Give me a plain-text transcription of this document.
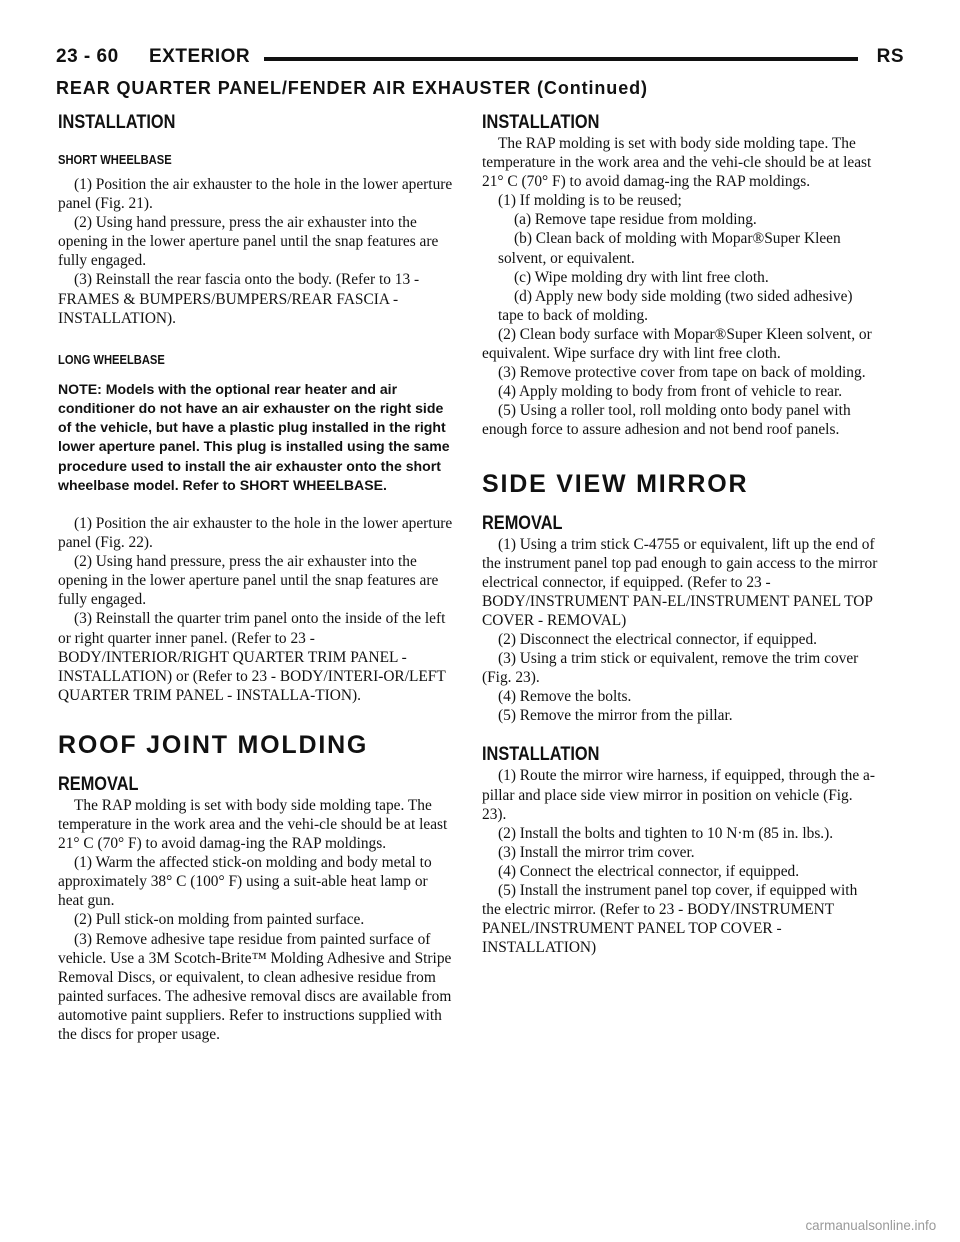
23 - 60 EXTERIOR	RS
REAR QUARTER PANEL/FENDER AIR EXHAUSTER (Continued)
INSTALLATION
SHORT WHEELBASE

(1) Position the air exhauster to the hole in the lower aperture panel (Fig. 21).

(2) Using hand pressure, press the air exhauster into the opening in the lower aperture panel until the snap features are fully engaged.

(3) Reinstall the rear fascia onto the body. (Refer to 13 - FRAMES & BUMPERS/BUMPERS/REAR FASCIA - INSTALLATION).

LONG WHEELBASE

NOTE: Models with the optional rear heater and air conditioner do not have an air exhauster on the right side of the vehicle, but have a plastic plug installed in the right lower aperture panel. This plug is installed using the same procedure used to install the air exhauster onto the short wheelbase model. Refer to SHORT WHEELBASE.

(1) Position the air exhauster to the hole in the lower aperture panel (Fig. 22).

(2) Using hand pressure, press the air exhauster into the opening in the lower aperture panel until the snap features are fully engaged.

(3) Reinstall the quarter trim panel onto the inside of the left or right quarter inner panel. (Refer to 23 - BODY/INTERIOR/RIGHT QUARTER TRIM PANEL - INSTALLATION) or (Refer to 23 - BODY/INTERI-OR/LEFT QUARTER TRIM PANEL - INSTALLA-TION).

ROOF JOINT MOLDING
REMOVAL

The RAP molding is set with body side molding tape. The temperature in the work area and the vehi-cle should be at least 21° C (70° F) to avoid damag-ing the RAP moldings.

(1) Warm the affected stick-on molding and body metal to approximately 38° C (100° F) using a suit-able heat lamp or heat gun.

(2) Pull stick-on molding from painted surface.

(3) Remove adhesive tape residue from painted surface of vehicle. Use a 3M Scotch-Brite™ Molding Adhesive and Stripe Removal Discs, or equivalent, to clean adhesive residue from painted surfaces. The adhesive removal discs are available from automotive paint suppliers. Refer to instructions supplied with the discs for proper usage.

INSTALLATION

The RAP molding is set with body side molding tape. The temperature in the work area and the vehi-cle should be at least 21° C (70° F) to avoid damag-ing the RAP moldings.

(1) If molding is to be reused;

(a) Remove tape residue from molding.

(b) Clean back of molding with Mopar®Super Kleen solvent, or equivalent.

(c) Wipe molding dry with lint free cloth.

(d) Apply new body side molding (two sided adhesive) tape to back of molding.

(2) Clean body surface with Mopar®Super Kleen solvent, or equivalent. Wipe surface dry with lint free cloth.

(3) Remove protective cover from tape on back of molding.

(4) Apply molding to body from front of vehicle to rear.

(5) Using a roller tool, roll molding onto body panel with enough force to assure adhesion and not bend roof panels.

SIDE VIEW MIRROR
REMOVAL

(1) Using a trim stick C-4755 or equivalent, lift up the end of the instrument panel top pad enough to gain access to the mirror electrical connector, if equipped. (Refer to 23 - BODY/INSTRUMENT PAN-EL/INSTRUMENT PANEL TOP COVER - REMOVAL)

(2) Disconnect the electrical connector, if equipped.

(3) Using a trim stick or equivalent, remove the trim cover (Fig. 23).

(4) Remove the bolts.

(5) Remove the mirror from the pillar.

INSTALLATION

(1) Route the mirror wire harness, if equipped, through the a-pillar and place side view mirror in position on vehicle (Fig. 23).

(2) Install the bolts and tighten to 10 N·m (85 in. lbs.).

(3) Install the mirror trim cover.

(4) Connect the electrical connector, if equipped.

(5) Install the instrument panel top cover, if equipped with the electric mirror. (Refer to 23 - BODY/INSTRUMENT PANEL/INSTRUMENT PANEL TOP COVER - INSTALLATION)

carmanualsonline.info
